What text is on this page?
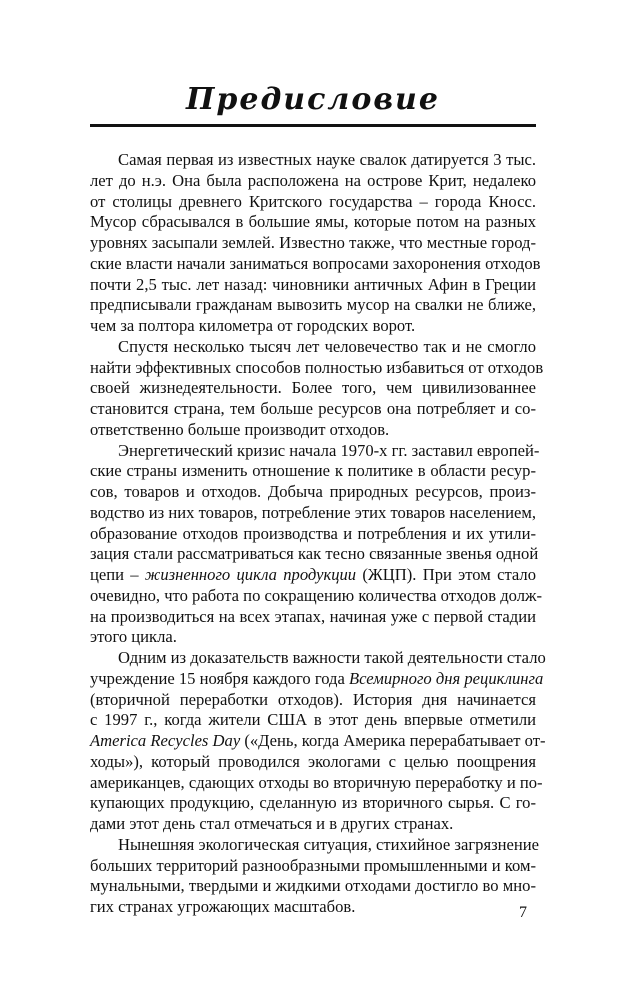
Предисловие
Самая первая из известных науке свалок датируется 3 тыс.
лет до н.э. Она была расположена на острове Крит, недалеко
от столицы древнего Критского государства – города Кносс.
Мусор сбрасывался в большие ямы, которые потом на разных
уровнях засыпали землей. Известно также, что местные город-
ские власти начали заниматься вопросами захоронения отходов
почти 2,5 тыс. лет назад: чиновники античных Афин в Греции
предписывали гражданам вывозить мусор на свалки не ближе,
чем за полтора километра от городских ворот.
Спустя несколько тысяч лет человечество так и не смогло
найти эффективных способов полностью избавиться от отходов
своей жизнедеятельности. Более того, чем цивилизованнее
становится страна, тем больше ресурсов она потребляет и со-
ответственно больше производит отходов.
Энергетический кризис начала 1970-х гг. заставил европей-
ские страны изменить отношение к политике в области ресур-
сов, товаров и отходов. Добыча природных ресурсов, произ-
водство из них товаров, потребление этих товаров населением,
образование отходов производства и потребления и их утили-
зация стали рассматриваться как тесно связанные звенья одной
цепи – жизненного цикла продукции (ЖЦП). При этом стало
очевидно, что работа по сокращению количества отходов долж-
на производиться на всех этапах, начиная уже с первой стадии
этого цикла.
Одним из доказательств важности такой деятельности стало
учреждение 15 ноября каждого года Всемирного дня рециклинга
(вторичной переработки отходов). История дня начинается
с 1997 г., когда жители США в этот день впервые отметили
America Recycles Day («День, когда Америка перерабатывает от-
ходы»), который проводился экологами с целью поощрения
американцев, сдающих отходы во вторичную переработку и по-
купающих продукцию, сделанную из вторичного сырья. С го-
дами этот день стал отмечаться и в других странах.
Нынешняя экологическая ситуация, стихийное загрязнение
больших территорий разнообразными промышленными и ком-
мунальными, твердыми и жидкими отходами достигло во мно-
гих странах угрожающих масштабов.	7
